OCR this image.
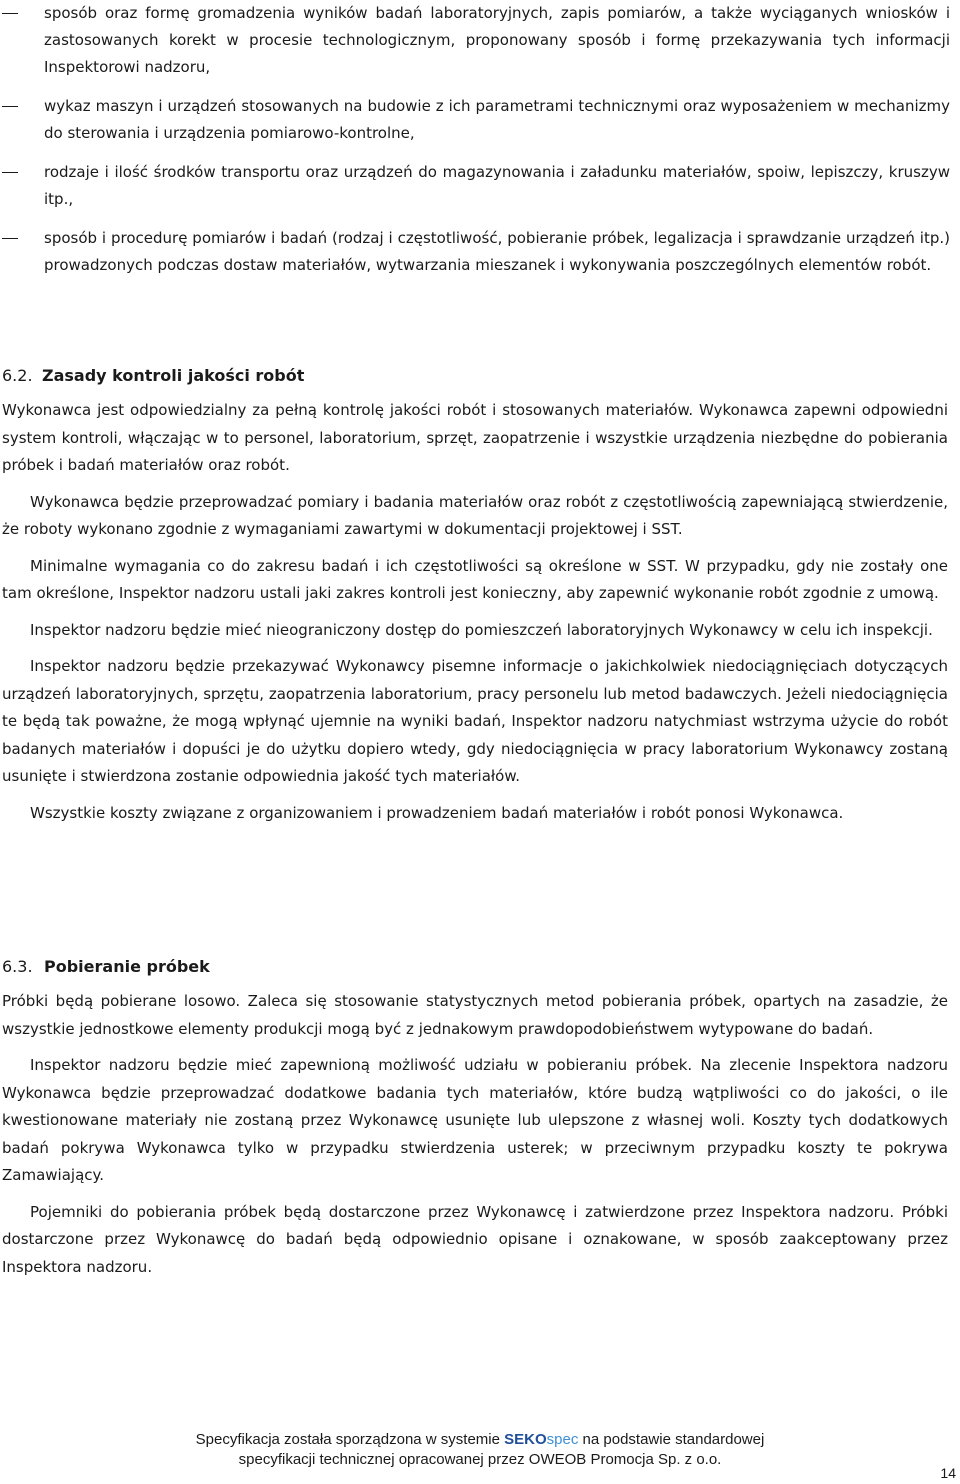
sposób oraz formę gromadzenia wyników badań laboratoryjnych, zapis pomiarów, a także wyciąganych wniosków i zastosowanych korekt w procesie technologicznym, proponowany sposób i formę przekazywania tych informacji Inspektorowi nadzoru,
wykaz maszyn i urządzeń stosowanych na budowie z ich parametrami technicznymi oraz wyposażeniem w mechanizmy do sterowania i urządzenia pomiarowo-kontrolne,
rodzaje i ilość środków transportu oraz urządzeń do magazynowania i załadunku materiałów, spoiw, lepiszczy, kruszyw itp.,
sposób i procedurę pomiarów i badań (rodzaj i częstotliwość, pobieranie próbek, legalizacja i sprawdzanie urządzeń itp.) prowadzonych podczas dostaw materiałów, wytwarzania mieszanek i wykonywania poszczególnych elementów robót.
6.2. Zasady kontroli jakości robót

Wykonawca jest odpowiedzialny za pełną kontrolę jakości robót i stosowanych materiałów. Wykonawca zapewni odpowiedni system kontroli, włączając w to personel, laboratorium, sprzęt, zaopatrzenie i wszystkie urządzenia niezbędne do pobierania próbek i badań materiałów oraz robót.

Wykonawca będzie przeprowadzać pomiary i badania materiałów oraz robót z częstotliwością zapewniającą stwierdzenie, że roboty wykonano zgodnie z wymaganiami zawartymi w dokumentacji projektowej i SST.

Minimalne wymagania co do zakresu badań i ich częstotliwości są określone w SST. W przypadku, gdy nie zostały one tam określone, Inspektor nadzoru ustali jaki zakres kontroli jest konieczny, aby zapewnić wykonanie robót zgodnie z umową.

Inspektor nadzoru będzie mieć nieograniczony dostęp do pomieszczeń laboratoryjnych Wykonawcy w celu ich inspekcji.

Inspektor nadzoru będzie przekazywać Wykonawcy pisemne informacje o jakichkolwiek niedociągnięciach dotyczących urządzeń laboratoryjnych, sprzętu, zaopatrzenia laboratorium, pracy personelu lub metod badawczych. Jeżeli niedociągnięcia te będą tak poważne, że mogą wpłynąć ujemnie na wyniki badań, Inspektor nadzoru natychmiast wstrzyma użycie do robót badanych materiałów i dopuści je do użytku dopiero wtedy, gdy niedociągnięcia w pracy laboratorium Wykonawcy zostaną usunięte i stwierdzona zostanie odpowiednia jakość tych materiałów.

Wszystkie koszty związane z organizowaniem i prowadzeniem badań materiałów i robót ponosi Wykonawca.

6.3. Pobieranie próbek

Próbki będą pobierane losowo. Zaleca się stosowanie statystycznych metod pobierania próbek, opartych na zasadzie, że wszystkie jednostkowe elementy produkcji mogą być z jednakowym prawdopodobieństwem wytypowane do badań.

Inspektor nadzoru będzie mieć zapewnioną możliwość udziału w pobieraniu próbek. Na zlecenie Inspektora nadzoru Wykonawca będzie przeprowadzać dodatkowe badania tych materiałów, które budzą wątpliwości co do jakości, o ile kwestionowane materiały nie zostaną przez Wykonawcę usunięte lub ulepszone z własnej woli. Koszty tych dodatkowych badań pokrywa Wykonawca tylko w przypadku stwierdzenia usterek; w przeciwnym przypadku koszty te pokrywa Zamawiający.

Pojemniki do pobierania próbek będą dostarczone przez Wykonawcę i zatwierdzone przez Inspektora nadzoru. Próbki dostarczone przez Wykonawcę do badań będą odpowiednio opisane i oznakowane, w sposób zaakceptowany przez Inspektora nadzoru.

Specyfikacja została sporządzona w systemie SEKOspec na podstawie standardowej
specyfikacji technicznej opracowanej przez OWEOB Promocja Sp. z o.o.
14
